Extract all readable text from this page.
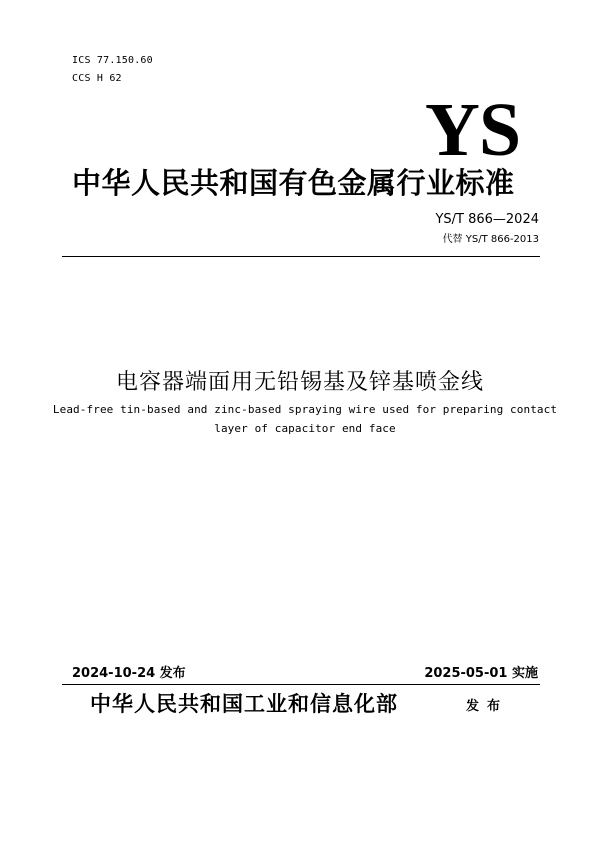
ICS 77.150.60
CCS H 62
YS
中华人民共和国有色金属行业标准
YS/T 866—2024
代替 YS/T 866-2013
电容器端面用无铅锡基及锌基喷金线
Lead-free tin-based and zinc-based spraying wire used for preparing contact layer of capacitor end face
2024-10-24 发布	2025-05-01 实施
中华人民共和国工业和信息化部	发布
